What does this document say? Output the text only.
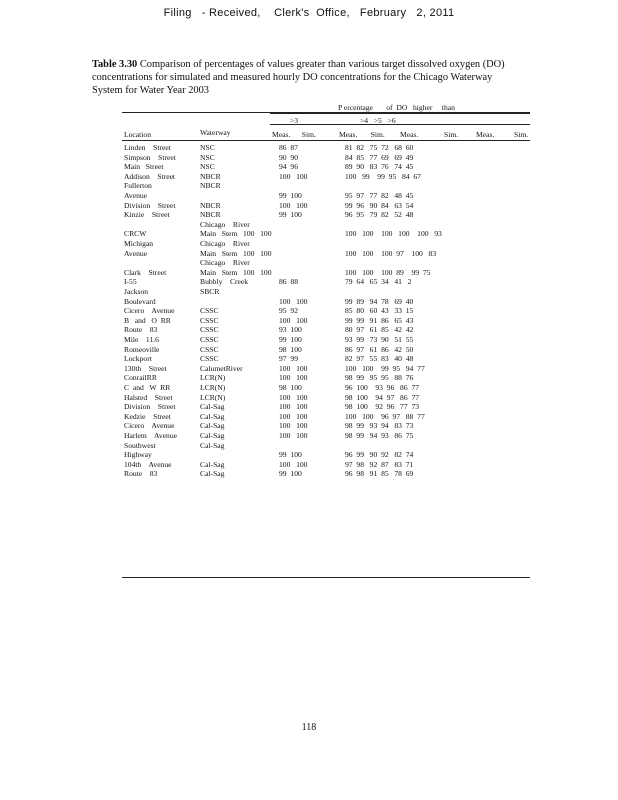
Filing   - Received,    Clerk's  Office,   February   2, 2011
Table 3.30 Comparison of percentages of values greater than various target dissolved oxygen (DO) concentrations for simulated and measured hourly DO concentrations for the Chicago Waterway System for Water Year 2003
P ercentage       of  DO   higher     than
>3	>4   >5   >6
Location	Waterway	Meas.      Sim.	Meas.       Sim.        Meas.	Sim. Meas.	Sim.
Linden    Street	NSC	86  87	81  82   75  72   68  60
Simpson    Street	NSC	90  90	84  85   77  69   69  49
Main   Street	NSC	94  96	89  90   83  76   74  45
Addison    Street	NBCR	100   100	100   99    99  95   84  67
Fullerton	NBCR
Avenue	99  100	95  97   77  82   48  45
Division    Street	NBCR	100   100	99  96   90  84   63  54
Kinzie    Street	NBCR	99  100	96  95   79  82   52  48
Chicago    River
CRCW	Main   Stem   100   100	100   100    100   100    100   93
Michigan	Chicago    River
Avenue	Main   Stem   100   100	100   100    100  97    100   83
Chicago    River
Clark    Street	Main   Stem   100   100	100   100    100  89    99  75
I-55	Bubbly    Creek	86  88	79  64   65  34   41   2
Jackson	SBCR
Boulevard	100   100	99  89   94  78   69  40
Cicero    Avenue	CSSC	95  92	85  80   60  43   33  15
B   and   O  RR	CSSC	100   100	99  99   91  86   65  43
Route    83	CSSC	93  100	80  97   61  85   42  42
Mile    11.6	CSSC	99  100	93  99   73  90   51  55
Romeoville	CSSC	98  100	86  97   61  86   42  50
Lockport	CSSC	97  99	82  97   55  83   40  48
130th    Street	CalumetRiver	100   100	100   100    99  95   94  77
ConrailRR	LCR(N)	100   100	98  99   95  95   88  76
C  and   W  RR	LCR(N)	98  100	96  100    93  96   86  77
Halsted    Street	LCR(N)	100   100	98  100    94  97   86  77
Division    Street	Cal-Sag	100   100	98  100    92  96   77  73
Kedzie    Street	Cal-Sag	100   100	100   100    96  97   88  77
Cicero    Avenue	Cal-Sag	100   100	98  99   93  94   83  73
Harlem    Avenue	Cal-Sag	100   100	98  99   94  93   86  75
Southwest	Cal-Sag
Highway	99  100	96  99   90  92   82  74
104th    Avenue	Cal-Sag	100   100	97  98   92  87   83  71
Route    83	Cal-Sag	99  100	96  98   91  85   78  69
118
